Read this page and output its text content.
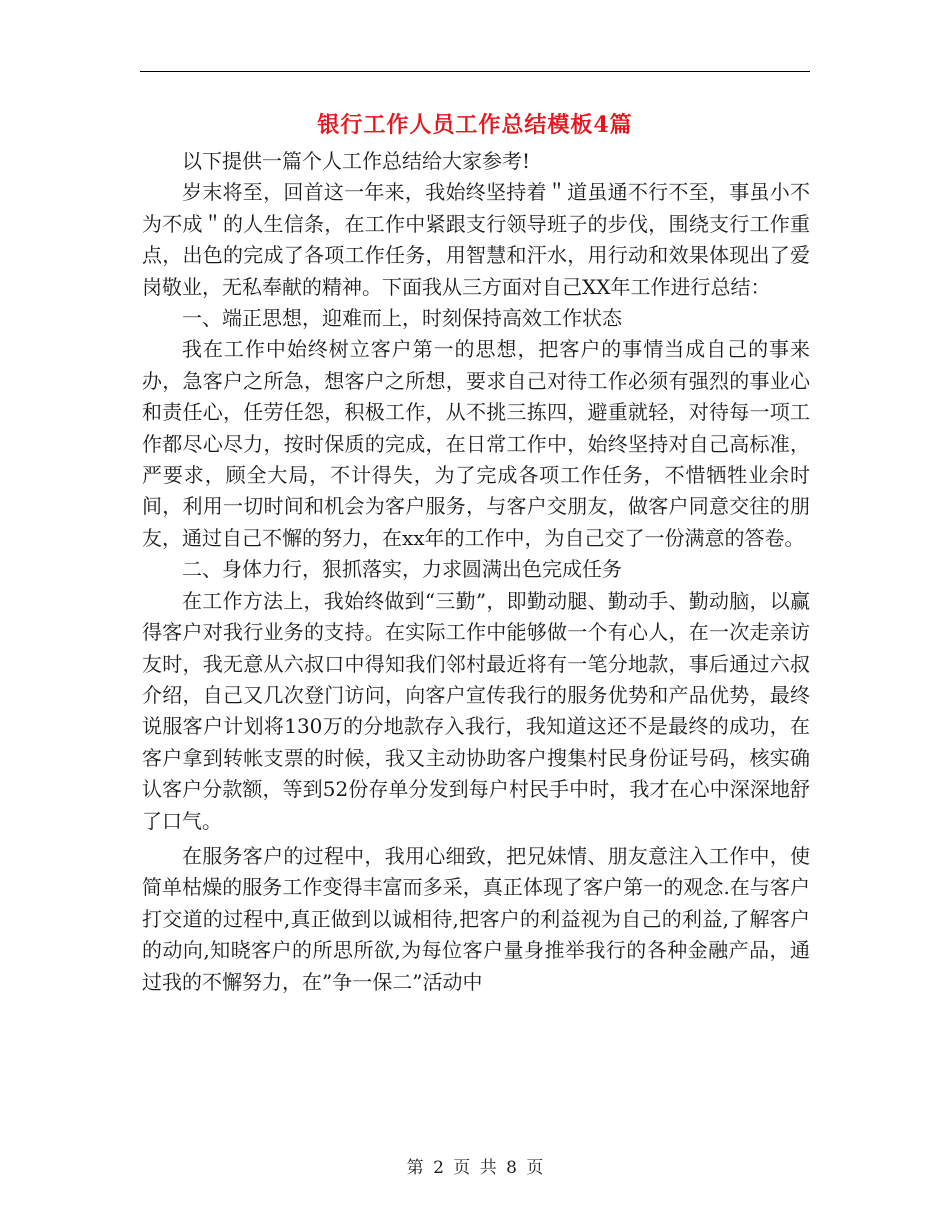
银行工作人员工作总结模板4篇

以下提供一篇个人工作总结给大家参考!

岁末将至，回首这一年来，我始终坚持着＂道虽通不行不至，事虽小不为不成＂的人生信条，在工作中紧跟支行领导班子的步伐，围绕支行工作重点，出色的完成了各项工作任务，用智慧和汗水，用行动和效果体现出了爱岗敬业，无私奉献的精神。下面我从三方面对自己XX年工作进行总结：

一、端正思想，迎难而上，时刻保持高效工作状态

我在工作中始终树立客户第一的思想，把客户的事情当成自己的事来办，急客户之所急，想客户之所想，要求自己对待工作必须有强烈的事业心和责任心，任劳任怨，积极工作，从不挑三拣四，避重就轻，对待每一项工作都尽心尽力，按时保质的完成，在日常工作中，始终坚持对自己高标准，严要求，顾全大局，不计得失，为了完成各项工作任务，不惜牺牲业余时间，利用一切时间和机会为客户服务，与客户交朋友，做客户同意交往的朋友，通过自己不懈的努力，在xx年的工作中，为自己交了一份满意的答卷。

二、身体力行，狠抓落实，力求圆满出色完成任务

在工作方法上，我始终做到“三勤”，即勤动腿、勤动手、勤动脑，以赢得客户对我行业务的支持。在实际工作中能够做一个有心人，在一次走亲访友时，我无意从六叔口中得知我们邻村最近将有一笔分地款，事后通过六叔介绍，自己又几次登门访问，向客户宣传我行的服务优势和产品优势，最终说服客户计划将130万的分地款存入我行，我知道这还不是最终的成功，在客户拿到转帐支票的时候，我又主动协助客户搜集村民身份证号码，核实确认客户分款额，等到52份存单分发到每户村民手中时，我才在心中深深地舒了口气。

在服务客户的过程中，我用心细致，把兄妹情、朋友意注入工作中，使简单枯燥的服务工作变得丰富而多采，真正体现了客户第一的观念.在与客户打交道的过程中,真正做到以诚相待,把客户的利益视为自己的利益,了解客户的动向,知晓客户的所思所欲,为每位客户量身推举我行的各种金融产品，通过我的不懈努力，在”争一保二”活动中

第 2 页 共 8 页
